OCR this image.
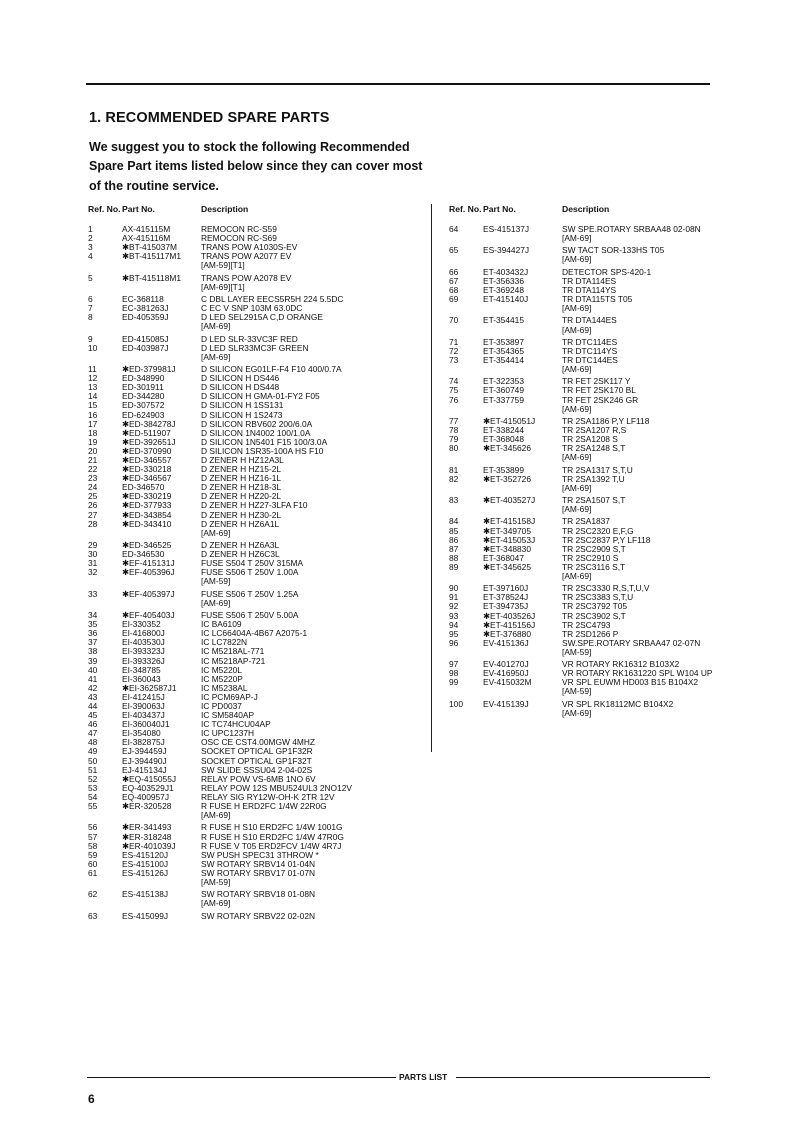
1. RECOMMENDED SPARE PARTS

We suggest you to stock the following Recommended
Spare Part items listed below since they can cover most
of the routine service.

Ref. No. Part No.	Description
1	AX-415115M	REMOCON RC-S59
2	AX-415116M	REMOCON RC-S69
3	✱BT-415037M	TRANS POW A1030S-EV
4	✱BT-415117M1	TRANS POW A2077 EV
[AM-59][T1]
5	✱BT-415118M1	TRANS POW A2078 EV
[AM-69][T1]
6	EC-368118	C DBL LAYER EECS5R5H 224 5.5DC
7	EC-381263J	C EC V SNP 103M 63.0DC
8	ED-405359J	D LED SEL2915A C,D ORANGE
[AM-69]
9	ED-415085J	D LED SLR-33VC3F RED
10	ED-403987J	D LED SLR33MC3F GREEN
[AM-69]
11	✱ED-379981J	D SILICON EG01LF-F4 F10 400/0.7A
12	ED-348990	D SILICON H DS446
13	ED-301911	D SILICON H DS448
14	ED-344280	D SILICON H GMA-01-FY2 F05
15	ED-307572	D SILICON H 1SS131
16	ED-624903	D SILICON H 1S2473
17	✱ED-384278J	D SILICON RBV602 200/6.0A
18	✱ED-511907	D SILICON 1N4002 100/1.0A
19	✱ED-392651J	D SILICON 1N5401 F15 100/3.0A
20	✱ED-370990	D SILICON 1SR35-100A HS F10
21	✱ED-346557	D ZENER H HZ12A3L
22	✱ED-330218	D ZENER H HZ15-2L
23	✱ED-346567	D ZENER H HZ16-1L
24	ED-346570	D ZENER H HZ18-3L
25	✱ED-330219	D ZENER H HZ20-2L
26	✱ED-377933	D ZENER H HZ27-3LFA F10
27	✱ED-343854	D ZENER H HZ30-2L
28	✱ED-343410	D ZENER H HZ6A1L
[AM-69]
29	✱ED-346525	D ZENER H HZ6A3L
30	ED-346530	D ZENER H HZ6C3L
31	✱EF-415131J	FUSE S504 T 250V 315MA
32	✱EF-405396J	FUSE S506 T 250V 1.00A
[AM-59]
33	✱EF-405397J	FUSE S506 T 250V 1.25A
[AM-69]
34	✱EF-405403J	FUSE S506 T 250V 5.00A
35	EI-330352	IC BA6109
36	EI-416800J	IC LC66404A-4B67 A2075-1
37	EI-403530J	IC LC7822N
38	EI-393323J	IC M5218AL-771
39	EI-393326J	IC M5218AP-721
40	EI-348785	IC M5220L
41	EI-360043	IC M5220P
42	✱EI-362587J1	IC M5238AL
43	EI-412415J	IC PCM69AP-J
44	EI-390063J	IC PD0037
45	EI-403437J	IC SM5840AP
46	EI-360040J1	IC TC74HCU04AP
47	EI-354080	IC UPC1237H
48	EI-382875J	OSC CE CST4.00MGW 4MHZ
49	EJ-394459J	SOCKET OPTICAL GP1F32R
50	EJ-394490J	SOCKET OPTICAL GP1F32T
51	EJ-415134J	SW SLIDE SSSU04 2-04-02S
52	✱EQ-415055J	RELAY POW VS-6MB 1NO 6V
53	EQ-403529J1	RELAY POW 12S MBU524UL3 2NO12V
54	EQ-400957J	RELAY SIG RY12W-OH-K 2TR 12V
55	✱ER-320528	R FUSE H ERD2FC 1/4W 22R0G
[AM-69]
56	✱ER-341493	R FUSE H S10 ERD2FC 1/4W 1001G
57	✱ER-318248	R FUSE H S10 ERD2FC 1/4W 47R0G
58	✱ER-401039J	R FUSE V T05 ERD2FCV 1/4W 4R7J
59	ES-415120J	SW PUSH SPEC31 3THROW *
60	ES-415100J	SW ROTARY SRBV14 01-04N
61	ES-415126J	SW ROTARY SRBV17 01-07N
[AM-59]
62	ES-415138J	SW ROTARY SRBV18 01-08N
[AM-69]
63	ES-415099J	SW ROTARY SRBV22 02-02N
Ref. No. Part No.	Description
64	ES-415137J	SW SPE.ROTARY SRBAA48 02-08N
[AM-69]
65	ES-394427J	SW TACT SOR-133HS T05
[AM-69]
66	ET-403432J	DETECTOR SPS-420-1
67	ET-356336	TR DTA114ES
68	ET-369248	TR DTA114YS
69	ET-415140J	TR DTA115TS T05
[AM-69]
70	ET-354415	TR DTA144ES
[AM-69]
71	ET-353897	TR DTC114ES
72	ET-354365	TR DTC114YS
73	ET-354414	TR DTC144ES
[AM-69]
74	ET-322353	TR FET 2SK117 Y
75	ET-360749	TR FET 2SK170 BL
76	ET-337759	TR FET 2SK246 GR
[AM-69]
77	✱ET-415051J	TR 2SA1186 P,Y LF118
78	ET-338244	TR 2SA1207 R,S
79	ET-368048	TR 2SA1208 S
80	✱ET-345626	TR 2SA1248 S,T
[AM-69]
81	ET-353899	TR 2SA1317 S,T,U
82	✱ET-352726	TR 2SA1392 T,U
[AM-69]
83	✱ET-403527J	TR 2SA1507 S,T
[AM-69]
84	✱ET-415158J	TR 2SA1837
85	✱ET-349705	TR 2SC2320 E,F,G
86	✱ET-415053J	TR 2SC2837 P,Y LF118
87	✱ET-348830	TR 2SC2909 S,T
88	ET-368047	TR 2SC2910 S
89	✱ET-345625	TR 2SC3116 S,T
[AM-69]
90	ET-397160J	TR 2SC3330 R,S,T,U,V
91	ET-378524J	TR 2SC3383 S,T,U
92	ET-394735J	TR 2SC3792 T05
93	✱ET-403526J	TR 2SC3902 S,T
94	✱ET-415156J	TR 2SC4793
95	✱ET-376880	TR 2SD1266 P
96	EV-415136J	SW.SPE.ROTARY SRBAA47 02-07N
[AM-59]
97	EV-401270J	VR ROTARY RK16312 B103X2
98	EV-416950J	VR ROTARY RK1631220 SPL W104 UP
99	EV-415032M	VR SPL EUWM HD003 B15 B104X2
[AM-59]
100	EV-415139J	VR SPL RK18112MC B104X2
[AM-69]
PARTS LIST
6
